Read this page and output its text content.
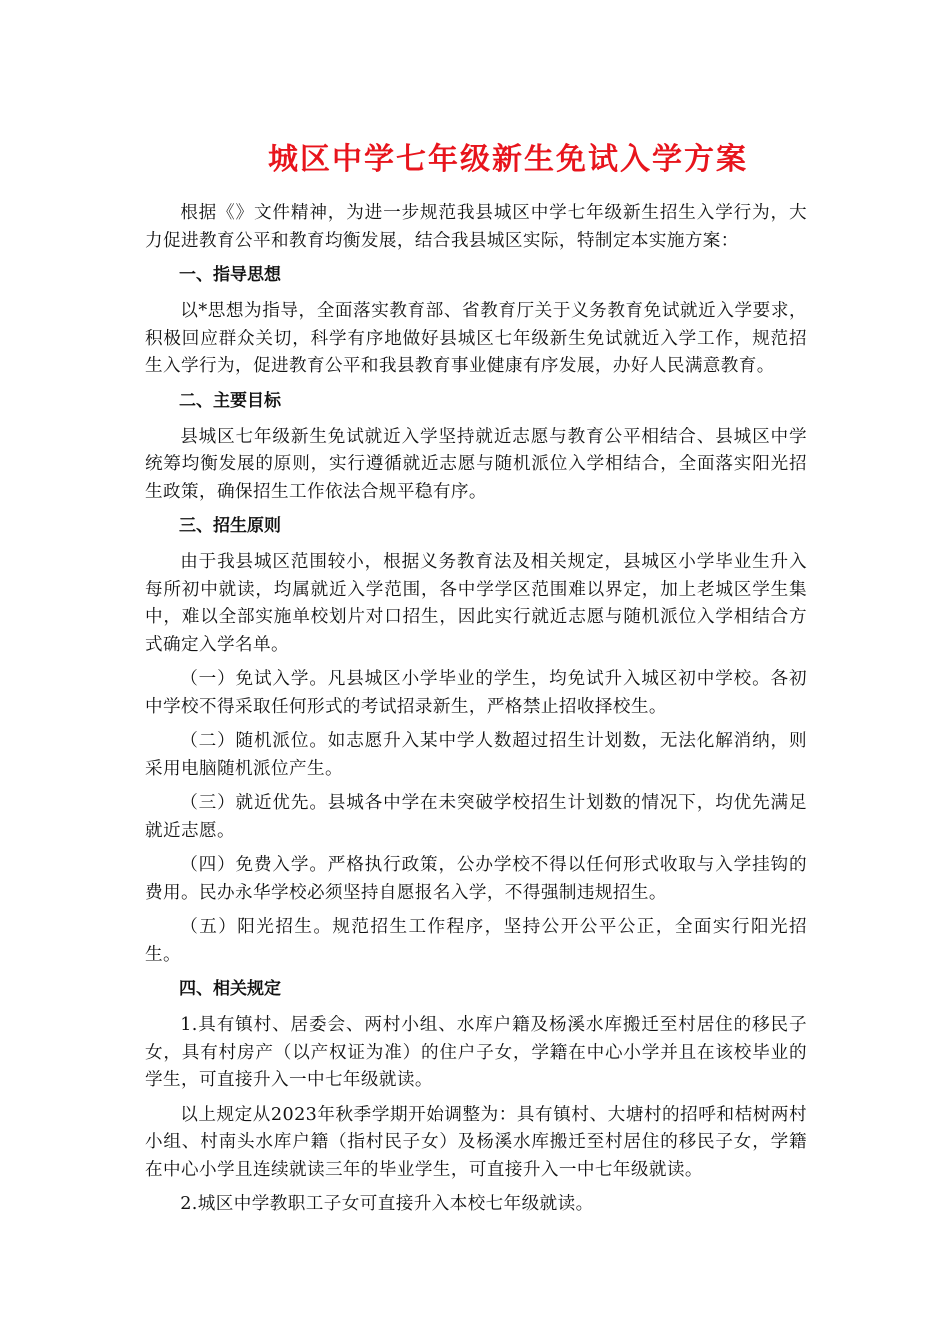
城区中学七年级新生免试入学方案

根据《》文件精神，为进一步规范我县城区中学七年级新生招生入学行为，大力促进教育公平和教育均衡发展，结合我县城区实际，特制定本实施方案：

一、指导思想

以*思想为指导，全面落实教育部、省教育厅关于义务教育免试就近入学要求，积极回应群众关切，科学有序地做好县城区七年级新生免试就近入学工作，规范招生入学行为，促进教育公平和我县教育事业健康有序发展，办好人民满意教育。

二、主要目标

县城区七年级新生免试就近入学坚持就近志愿与教育公平相结合、县城区中学统筹均衡发展的原则，实行遵循就近志愿与随机派位入学相结合，全面落实阳光招生政策，确保招生工作依法合规平稳有序。

三、招生原则

由于我县城区范围较小，根据义务教育法及相关规定，县城区小学毕业生升入每所初中就读，均属就近入学范围，各中学学区范围难以界定，加上老城区学生集中，难以全部实施单校划片对口招生，因此实行就近志愿与随机派位入学相结合方式确定入学名单。

（一）免试入学。凡县城区小学毕业的学生，均免试升入城区初中学校。各初中学校不得采取任何形式的考试招录新生，严格禁止招收择校生。

（二）随机派位。如志愿升入某中学人数超过招生计划数，无法化解消纳，则采用电脑随机派位产生。

（三）就近优先。县城各中学在未突破学校招生计划数的情况下，均优先满足就近志愿。

（四）免费入学。严格执行政策，公办学校不得以任何形式收取与入学挂钩的费用。民办永华学校必须坚持自愿报名入学，不得强制违规招生。

（五）阳光招生。规范招生工作程序，坚持公开公平公正，全面实行阳光招生。

四、相关规定

1.具有镇村、居委会、两村小组、水库户籍及杨溪水库搬迁至村居住的移民子女，具有村房产（以产权证为准）的住户子女，学籍在中心小学并且在该校毕业的学生，可直接升入一中七年级就读。

以上规定从2023年秋季学期开始调整为：具有镇村、大塘村的招呼和桔树两村小组、村南头水库户籍（指村民子女）及杨溪水库搬迁至村居住的移民子女，学籍在中心小学且连续就读三年的毕业学生，可直接升入一中七年级就读。

2.城区中学教职工子女可直接升入本校七年级就读。
